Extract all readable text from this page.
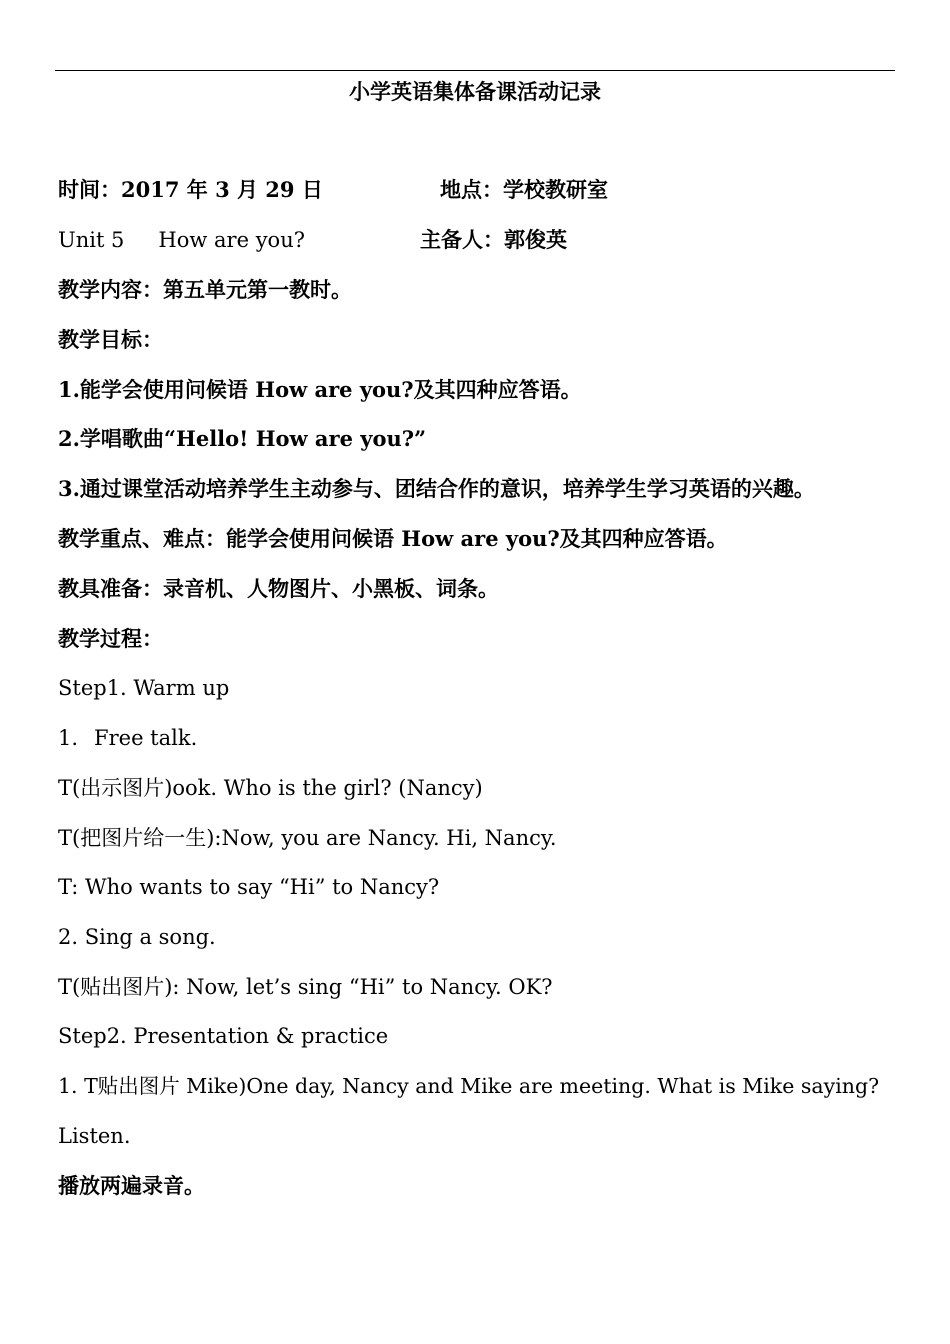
小学英语集体备课活动记录
时间：2017 年 3 月 29 日	地点：学校教研室
Unit 5 How are you?	主备人：郭俊英
教学内容：第五单元第一教时。
教学目标：
1.能学会使用问候语 How are you?及其四种应答语。
2.学唱歌曲“Hello! How are you?”
3.通过课堂活动培养学生主动参与、团结合作的意识，培养学生学习英语的兴趣。
教学重点、难点：能学会使用问候语 How are you?及其四种应答语。
教具准备：录音机、人物图片、小黑板、词条。
教学过程：
Step1. Warm up
1. Free talk.
T(出示图片)ook. Who is the girl? (Nancy)
T(把图片给一生):Now, you are Nancy. Hi, Nancy.
T: Who wants to say “Hi” to Nancy?
2. Sing a song.
T(贴出图片): Now, let’s sing “Hi” to Nancy. OK?
Step2. Presentation & practice
1. T贴出图片 Mike)One day, Nancy and Mike are meeting. What is Mike saying?
Listen.
播放两遍录音。
